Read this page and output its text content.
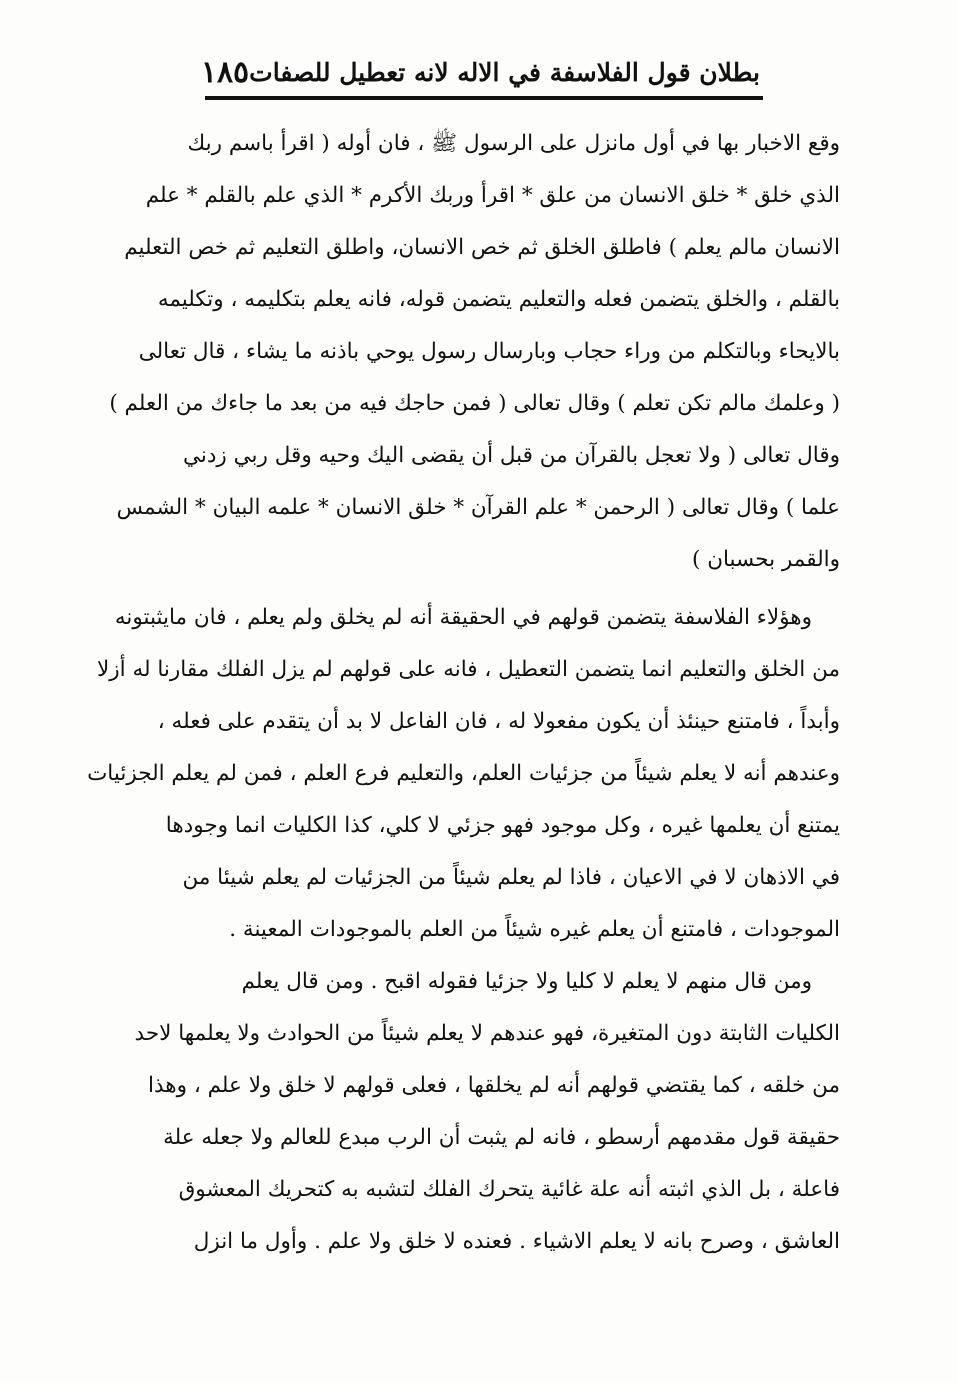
بطلان قول الفلاسفة في الاله لانه تعطيل للصفات
١٨٥
وقع الاخبار بها في أول مانزل على الرسول ﷺ ، فان أوله ( اقرأ باسم ربك
الذي خلق * خلق الانسان من علق * اقرأ وربك الأكرم * الذي علم بالقلم * علم
الانسان مالم يعلم ) فاطلق الخلق ثم خص الانسان، واطلق التعليم ثم خص التعليم
بالقلم ، والخلق يتضمن فعله والتعليم يتضمن قوله، فانه يعلم بتكليمه ، وتكليمه
بالايحاء وبالتكلم من وراء حجاب وبارسال رسول يوحي باذنه ما يشاء ، قال تعالى
( وعلمك مالم تكن تعلم ) وقال تعالى ( فمن حاجك فيه من بعد ما جاءك من العلم )
وقال تعالى ( ولا تعجل بالقرآن من قبل أن يقضى اليك وحيه وقل ربي زدني
علما ) وقال تعالى ( الرحمن * علم القرآن * خلق الانسان * علمه البيان * الشمس
والقمر بحسبان )
وهؤلاء الفلاسفة يتضمن قولهم في الحقيقة أنه لم يخلق ولم يعلم ، فان مايثبتونه
من الخلق والتعليم انما يتضمن التعطيل ، فانه على قولهم لم يزل الفلك مقارنا له أزلا
وأبداً ، فامتنع حينئذ أن يكون مفعولا له ، فان الفاعل لا بد أن يتقدم على فعله ،
وعندهم أنه لا يعلم شيئاً من جزئيات العلم، والتعليم فرع العلم ، فمن لم يعلم الجزئيات
يمتنع أن يعلمها غيره ، وكل موجود فهو جزئي لا كلي، كذا الكليات انما وجودها
في الاذهان لا في الاعيان ، فاذا لم يعلم شيئاً من الجزئيات لم يعلم شيئا من
الموجودات ، فامتنع أن يعلم غيره شيئاً من العلم بالموجودات المعينة .
ومن قال منهم لا يعلم لا كليا ولا جزئيا فقوله اقبح . ومن قال يعلم
الكليات الثابتة دون المتغيرة، فهو عندهم لا يعلم شيئاً من الحوادث ولا يعلمها لاحد
من خلقه ، كما يقتضي قولهم أنه لم يخلقها ، فعلى قولهم لا خلق ولا علم ، وهذا
حقيقة قول مقدمهم أرسطو ، فانه لم يثبت أن الرب مبدع للعالم ولا جعله علة
فاعلة ، بل الذي اثبته أنه علة غائية يتحرك الفلك لتشبه به كتحريك المعشوق
العاشق ، وصرح بانه لا يعلم الاشياء . فعنده لا خلق ولا علم . وأول ما انزل
